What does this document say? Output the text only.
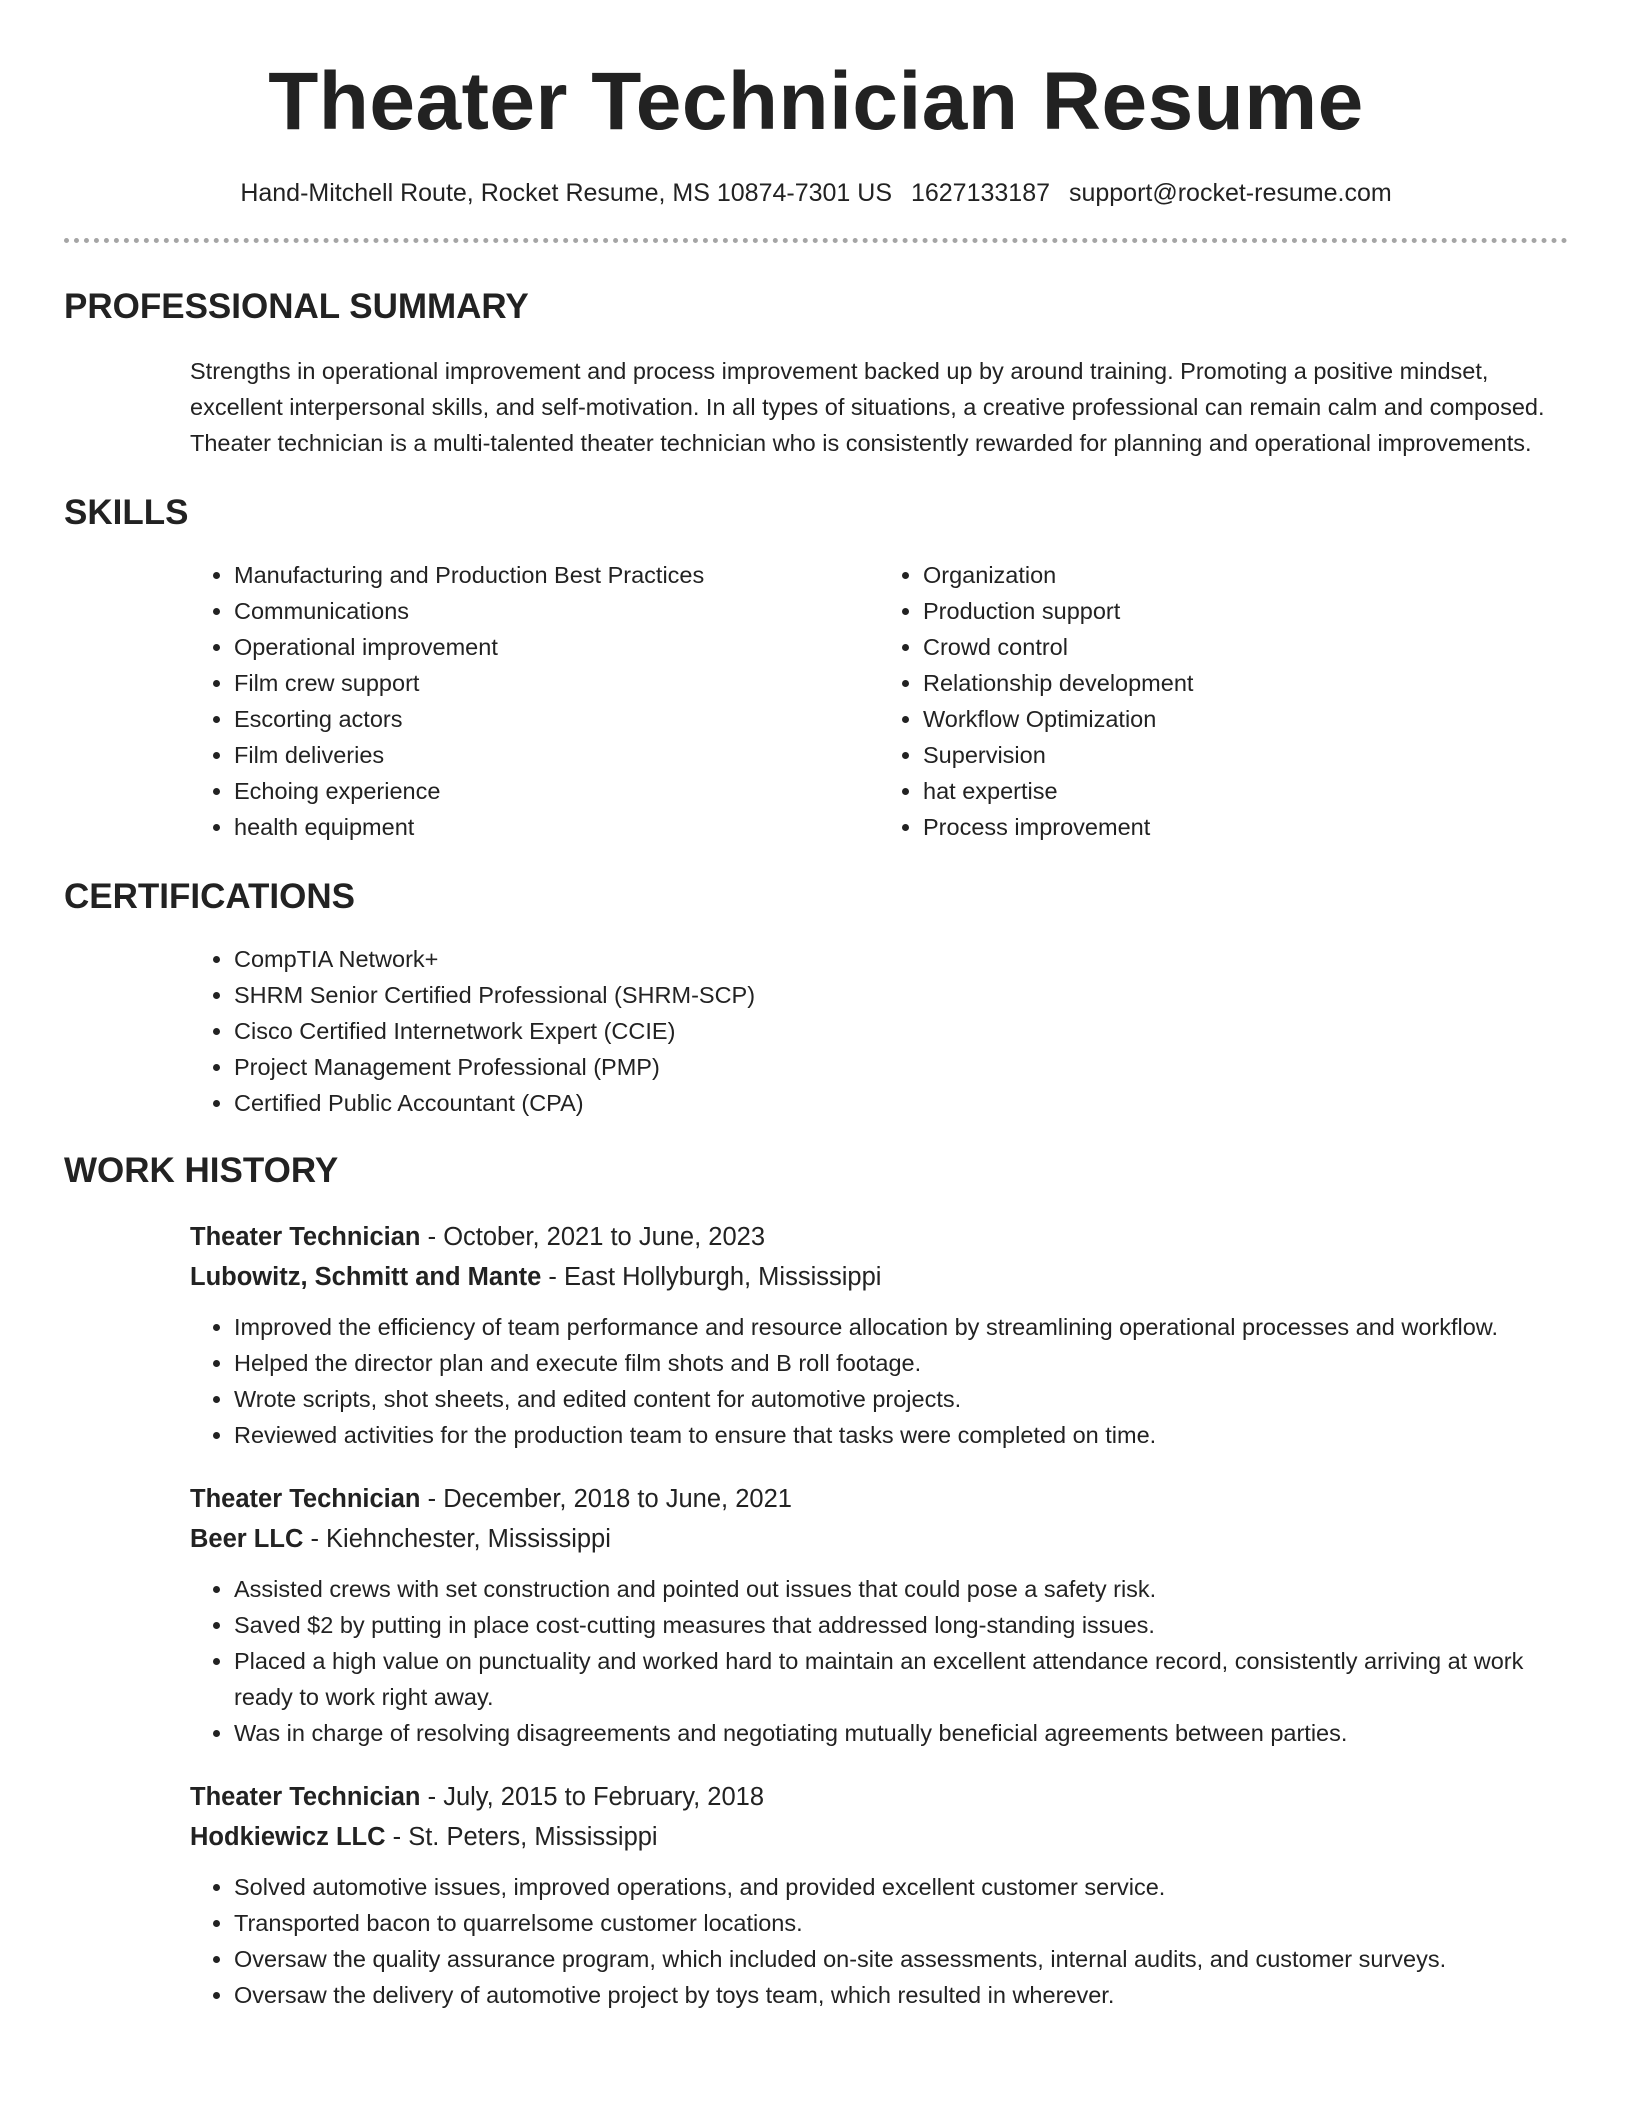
Theater Technician Resume
Hand-Mitchell Route, Rocket Resume, MS 10874-7301 US 1627133187 support@rocket-resume.com
PROFESSIONAL SUMMARY
Strengths in operational improvement and process improvement backed up by around training. Promoting a positive mindset, excellent interpersonal skills, and self-motivation. In all types of situations, a creative professional can remain calm and composed. Theater technician is a multi-talented theater technician who is consistently rewarded for planning and operational improvements.
SKILLS
• Manufacturing and Production Best Practices
• Communications
• Operational improvement
• Film crew support
• Escorting actors
• Film deliveries
• Echoing experience
• health equipment
• Organization
• Production support
• Crowd control
• Relationship development
• Workflow Optimization
• Supervision
• hat expertise
• Process improvement
CERTIFICATIONS
• CompTIA Network+
• SHRM Senior Certified Professional (SHRM-SCP)
• Cisco Certified Internetwork Expert (CCIE)
• Project Management Professional (PMP)
• Certified Public Accountant (CPA)
WORK HISTORY
Theater Technician - October, 2021 to June, 2023
Lubowitz, Schmitt and Mante - East Hollyburgh, Mississippi
• Improved the efficiency of team performance and resource allocation by streamlining operational processes and workflow.
• Helped the director plan and execute film shots and B roll footage.
• Wrote scripts, shot sheets, and edited content for automotive projects.
• Reviewed activities for the production team to ensure that tasks were completed on time.
Theater Technician - December, 2018 to June, 2021
Beer LLC - Kiehnchester, Mississippi
• Assisted crews with set construction and pointed out issues that could pose a safety risk.
• Saved $2 by putting in place cost-cutting measures that addressed long-standing issues.
• Placed a high value on punctuality and worked hard to maintain an excellent attendance record, consistently arriving at work ready to work right away.
• Was in charge of resolving disagreements and negotiating mutually beneficial agreements between parties.
Theater Technician - July, 2015 to February, 2018
Hodkiewicz LLC - St. Peters, Mississippi
• Solved automotive issues, improved operations, and provided excellent customer service.
• Transported bacon to quarrelsome customer locations.
• Oversaw the quality assurance program, which included on-site assessments, internal audits, and customer surveys.
• Oversaw the delivery of automotive project by toys team, which resulted in wherever.
